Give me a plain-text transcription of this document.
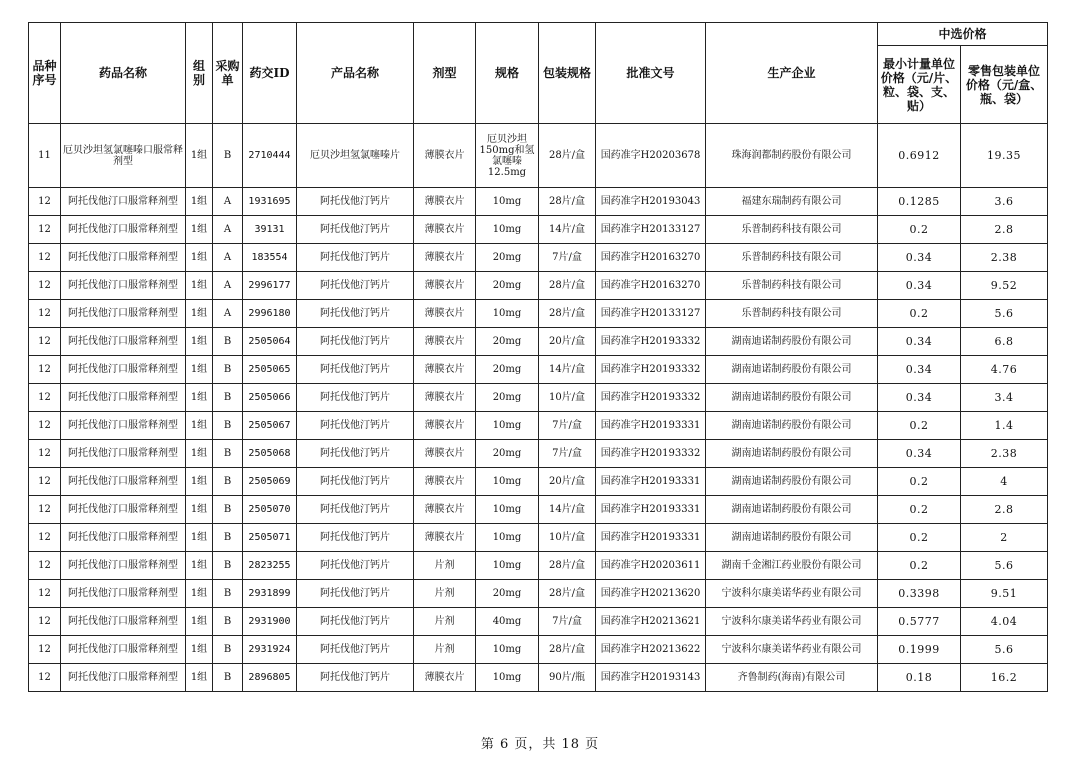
品种序号	药品名称	组别	采购单	药交ID	产品名称	剂型	规格	包装规格	批准文号	生产企业	中选价格	
											最小计量单位价格（元/片、粒、袋、支、贴）	零售包装单位价格（元/盒、瓶、袋）
11	厄贝沙坦氢氯噻嗪口服常释剂型	1组	B	2710444	厄贝沙坦氢氯噻嗪片	薄膜衣片	厄贝沙坦150mg和氢氯噻嗪12.5mg	28片/盒	国药准字H20203678	珠海润都制药股份有限公司	0.6912	19.35
12	阿托伐他汀口服常释剂型	1组	A	1931695	阿托伐他汀钙片	薄膜衣片	10mg	28片/盒	国药准字H20193043	福建东瑞制药有限公司	0.1285	3.6
12	阿托伐他汀口服常释剂型	1组	A	39131	阿托伐他汀钙片	薄膜衣片	10mg	14片/盒	国药准字H20133127	乐普制药科技有限公司	0.2	2.8
12	阿托伐他汀口服常释剂型	1组	A	183554	阿托伐他汀钙片	薄膜衣片	20mg	7片/盒	国药准字H20163270	乐普制药科技有限公司	0.34	2.38
12	阿托伐他汀口服常释剂型	1组	A	2996177	阿托伐他汀钙片	薄膜衣片	20mg	28片/盒	国药准字H20163270	乐普制药科技有限公司	0.34	9.52
12	阿托伐他汀口服常释剂型	1组	A	2996180	阿托伐他汀钙片	薄膜衣片	10mg	28片/盒	国药准字H20133127	乐普制药科技有限公司	0.2	5.6
12	阿托伐他汀口服常释剂型	1组	B	2505064	阿托伐他汀钙片	薄膜衣片	20mg	20片/盒	国药准字H20193332	湖南迪诺制药股份有限公司	0.34	6.8
12	阿托伐他汀口服常释剂型	1组	B	2505065	阿托伐他汀钙片	薄膜衣片	20mg	14片/盒	国药准字H20193332	湖南迪诺制药股份有限公司	0.34	4.76
12	阿托伐他汀口服常释剂型	1组	B	2505066	阿托伐他汀钙片	薄膜衣片	20mg	10片/盒	国药准字H20193332	湖南迪诺制药股份有限公司	0.34	3.4
12	阿托伐他汀口服常释剂型	1组	B	2505067	阿托伐他汀钙片	薄膜衣片	10mg	7片/盒	国药准字H20193331	湖南迪诺制药股份有限公司	0.2	1.4
12	阿托伐他汀口服常释剂型	1组	B	2505068	阿托伐他汀钙片	薄膜衣片	20mg	7片/盒	国药准字H20193332	湖南迪诺制药股份有限公司	0.34	2.38
12	阿托伐他汀口服常释剂型	1组	B	2505069	阿托伐他汀钙片	薄膜衣片	10mg	20片/盒	国药准字H20193331	湖南迪诺制药股份有限公司	0.2	4
12	阿托伐他汀口服常释剂型	1组	B	2505070	阿托伐他汀钙片	薄膜衣片	10mg	14片/盒	国药准字H20193331	湖南迪诺制药股份有限公司	0.2	2.8
12	阿托伐他汀口服常释剂型	1组	B	2505071	阿托伐他汀钙片	薄膜衣片	10mg	10片/盒	国药准字H20193331	湖南迪诺制药股份有限公司	0.2	2
12	阿托伐他汀口服常释剂型	1组	B	2823255	阿托伐他汀钙片	片剂	10mg	28片/盒	国药准字H20203611	湖南千金湘江药业股份有限公司	0.2	5.6
12	阿托伐他汀口服常释剂型	1组	B	2931899	阿托伐他汀钙片	片剂	20mg	28片/盒	国药准字H20213620	宁波科尔康美诺华药业有限公司	0.3398	9.51
12	阿托伐他汀口服常释剂型	1组	B	2931900	阿托伐他汀钙片	片剂	40mg	7片/盒	国药准字H20213621	宁波科尔康美诺华药业有限公司	0.5777	4.04
12	阿托伐他汀口服常释剂型	1组	B	2931924	阿托伐他汀钙片	片剂	10mg	28片/盒	国药准字H20213622	宁波科尔康美诺华药业有限公司	0.1999	5.6
12	阿托伐他汀口服常释剂型	1组	B	2896805	阿托伐他汀钙片	薄膜衣片	10mg	90片/瓶	国药准字H20193143	齐鲁制药(海南)有限公司	0.18	16.2
第 6 页，共 18 页
